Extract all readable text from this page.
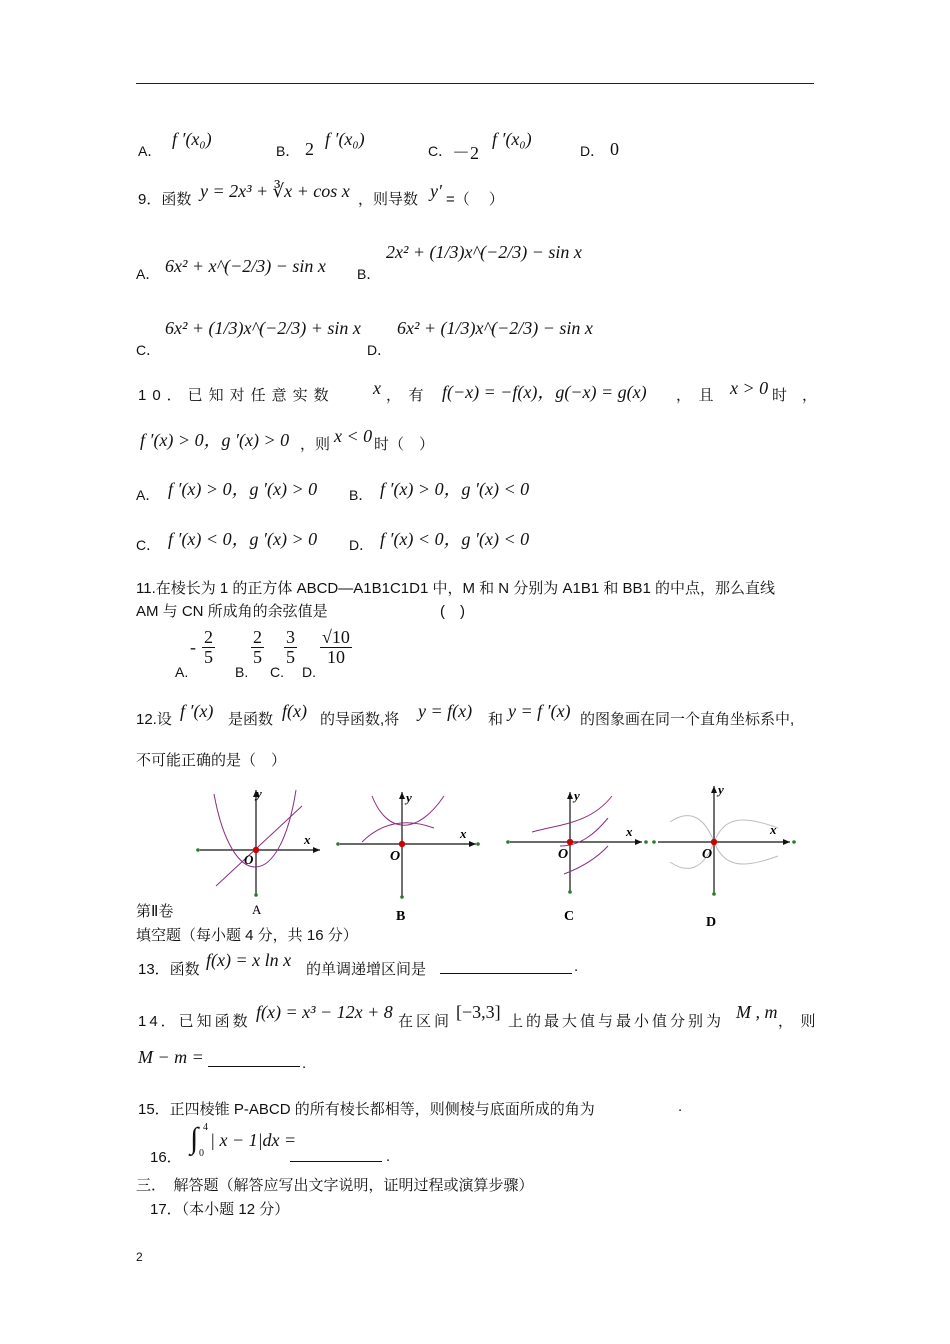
A．
f ′(x₀)
B． 2 f ′(x₀)
C． －2
f ′(x₀)
D． 0
9．函数 y = 2x³ + ∛x + cos x ，则导数 y′ =（　 ）
A． 6x² + x^(−2/3) − sin x B．
2x² + (1/3)x^(−2/3) − sin x
C．
6x² + (1/3)x^(−2/3) + sin x
D．
6x² + (1/3)x^(−2/3) − sin x
10．已知对任意实数 x ，　有 f(−x) = −f(x)，g(−x) = g(x) ，　且 x > 0 时　，
f ′(x) > 0，g ′(x) > 0 ，则 x < 0 时（　）
A． f ′(x) > 0，g ′(x) > 0 B． f ′(x) > 0，g ′(x) < 0
C． f ′(x) < 0，g ′(x) > 0 D． f ′(x) < 0，g ′(x) < 0
11.在棱长为 1 的正方体 ABCD—A1B1C1D1 中，M 和 N 分别为 A1B1 和 BB1 的中点，那么直线
AM 与 CN 所成角的余弦值是	(　)
A.
- $\frac{2}{5}$
B.
$\frac{2}{5}$
C.
$\frac{3}{5}$
D.
$\frac{√10}{10}$
12.设 f ′(x) 是函数 f(x) 的导函数,将 y = f(x) 和 y = f ′(x) 的图象画在同一个直角坐标系中,
不可能正确的是（　）
y
x
O
A
y
x
O
B
y
x
O
C
y
x
O
D
第Ⅱ卷
填空题（每小题 4 分，共 16 分）
13．函数 f(x) = x ln x 的单调递增区间是	.
14．已知函数 f(x) = x³ − 12x + 8 在区间 [−3,3] 上的最大值与最小值分别为 M , m ，　则
M − m =	.
15．正四棱锥 P-ABCD 的所有棱长都相等，则侧棱与底面所成的角为	.
16．
∫ 4
0
| x − 1|dx =
.
三．　解答题（解答应写出文字说明，证明过程或演算步骤）
17．（本小题 12 分）
2
